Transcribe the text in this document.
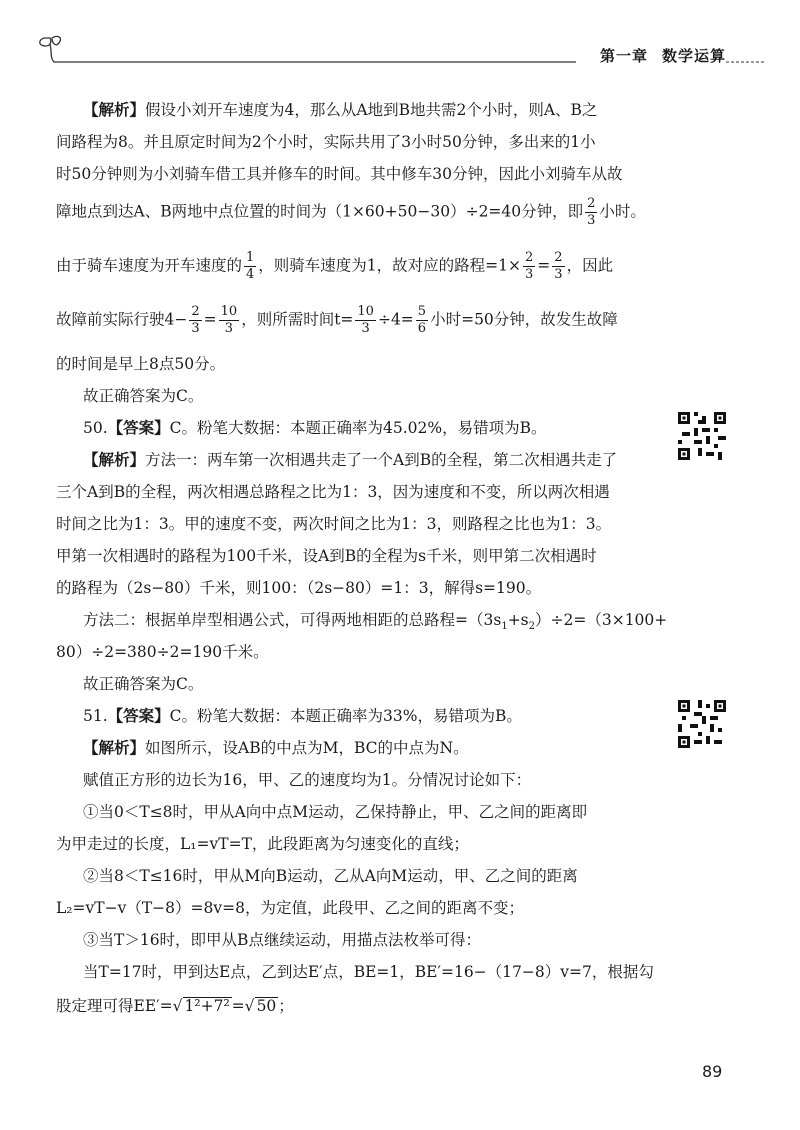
第一章 数学运算
【解析】假设小刘开车速度为4，那么从A地到B地共需2个小时，则A、B之
间路程为8。并且原定时间为2个小时，实际共用了3小时50分钟，多出来的1小
时50分钟则为小刘骑车借工具并修车的时间。其中修车30分钟，因此小刘骑车从故
障地点到达A、B两地中点位置的时间为（1×60+50−30）÷2=40分钟，即 $\frac{2}{3}$ 小时。
由于骑车速度为开车速度的 $\frac{1}{4}$ ，则骑车速度为1，故对应的路程$=1\times \frac{2}{3} = \frac{2}{3}$ ，因此
故障前实际行驶$4- \frac{2}{3} = \frac{10}{3}$ ，则所需时间$t= \frac{10}{3} \div 4= \frac{5}{6}$ 小时=50分钟，故发生故障
的时间是早上8点50分。
故正确答案为C。
50.【答案】C。粉笔大数据：本题正确率为45.02%，易错项为B。
【解析】方法一：两车第一次相遇共走了一个A到B的全程，第二次相遇共走了
三个A到B的全程，两次相遇总路程之比为1：3，因为速度和不变，所以两次相遇
时间之比为1：3。甲的速度不变，两次时间之比为1：3，则路程之比也为1：3。
甲第一次相遇时的路程为100千米，设A到B的全程为s千米，则甲第二次相遇时
的路程为（2s−80）千米，则100：（2s−80）=1：3，解得s=190。
方法二：根据单岸型相遇公式，可得两地相距的总路程$=(3s_1+s_2)\div 2=(3\times 100+$
80）÷2=380÷2=190千米。
故正确答案为C。
51.【答案】C。粉笔大数据：本题正确率为33%，易错项为B。
【解析】如图所示，设AB的中点为M，BC的中点为N。
赋值正方形的边长为16，甲、乙的速度均为1。分情况讨论如下：
①当0＜T≤8时，甲从A向中点M运动，乙保持静止，甲、乙之间的距离即
为甲走过的长度，L₁=vT=T，此段距离为匀速变化的直线；
②当8＜T≤16时，甲从M向B运动，乙从A向M运动，甲、乙之间的距离
L₂=vT−v（T−8）=8v=8，为定值，此段甲、乙之间的距离不变；
③当T＞16时，即甲从B点继续运动，用描点法枚举可得：
当T=17时，甲到达E点，乙到达E′点，BE=1，BE′=16−（17−8）v=7，根据勾
股定理可得EE′=√ 1²+7² =√ 50 ；
89
